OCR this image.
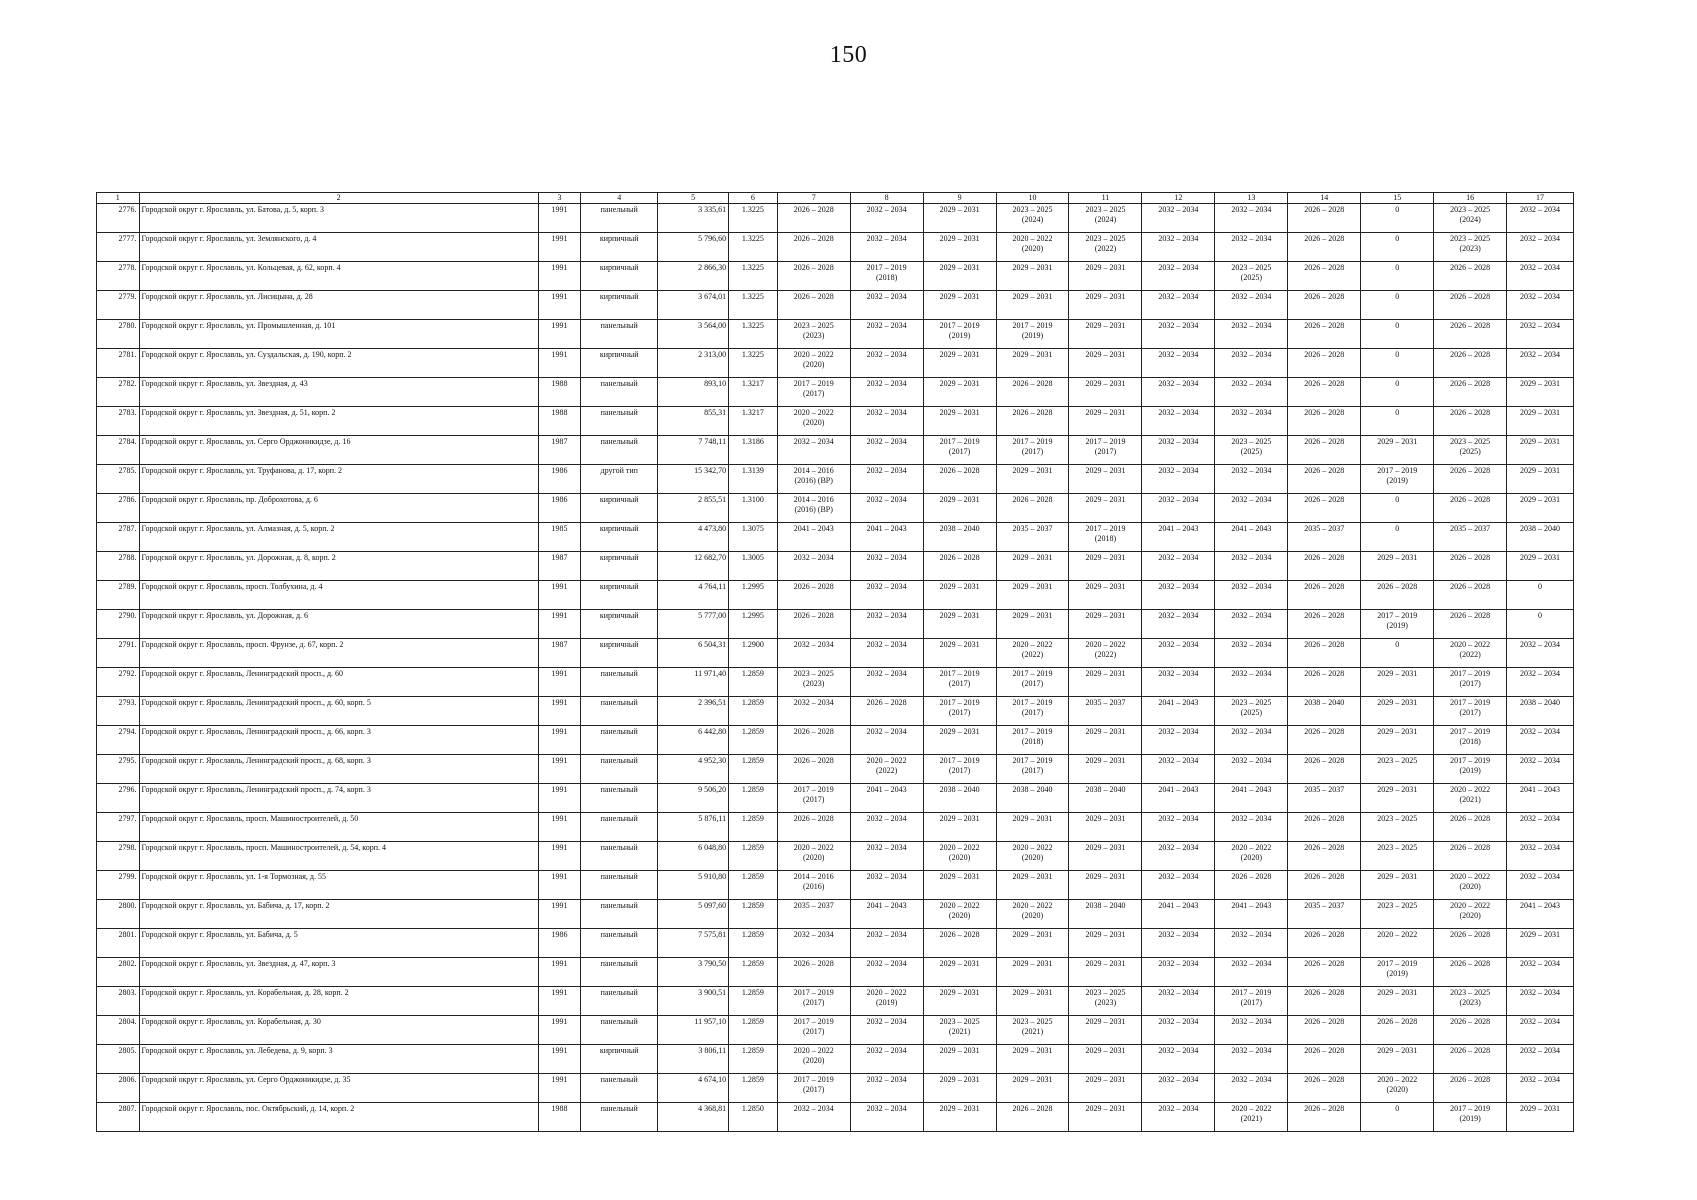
150
1	2	3	4	5	6	7	8	9	10	11	12	13	14	15	16	17

2776.	Городской округ г. Ярославль, ул. Батова, д. 5, корп. 3	1991	панельный	3 335,61	1.3225	2026 – 2028	2032 – 2034	2029 – 2031	2023 – 2025
(2024)	2023 – 2025
(2024)	2032 – 2034	2032 – 2034	2026 – 2028	0	2023 – 2025
(2024)	2032 – 2034

2777.	Городской округ г. Ярославль, ул. Землянского, д. 4	1991	кирпичный	5 796,60	1.3225	2026 – 2028	2032 – 2034	2029 – 2031	2020 – 2022
(2020)	2023 – 2025
(2022)	2032 – 2034	2032 – 2034	2026 – 2028	0	2023 – 2025
(2023)	2032 – 2034

2778.	Городской округ г. Ярославль, ул. Кольцевая, д. 62, корп. 4	1991	кирпичный	2 866,30	1.3225	2026 – 2028	2017 – 2019
(2018)	2029 – 2031	2029 – 2031	2029 – 2031	2032 – 2034	2023 – 2025
(2025)	2026 – 2028	0	2026 – 2028	2032 – 2034

2779.	Городской округ г. Ярославль, ул. Лисицына, д. 28	1991	кирпичный	3 674,01	1.3225	2026 – 2028	2032 – 2034	2029 – 2031	2029 – 2031	2029 – 2031	2032 – 2034	2032 – 2034	2026 – 2028	0	2026 – 2028	2032 – 2034

2780.	Городской округ г. Ярославль, ул. Промышленная, д. 101	1991	панельный	3 564,00	1.3225	2023 – 2025
(2023)	2032 – 2034	2017 – 2019
(2019)	2017 – 2019
(2019)	2029 – 2031	2032 – 2034	2032 – 2034	2026 – 2028	0	2026 – 2028	2032 – 2034

2781.	Городской округ г. Ярославль, ул. Суздальская, д. 190, корп. 2	1991	кирпичный	2 313,00	1.3225	2020 – 2022
(2020)	2032 – 2034	2029 – 2031	2029 – 2031	2029 – 2031	2032 – 2034	2032 – 2034	2026 – 2028	0	2026 – 2028	2032 – 2034

2782.	Городской округ г. Ярославль, ул. Звездная, д. 43	1988	панельный	893,10	1.3217	2017 – 2019
(2017)	2032 – 2034	2029 – 2031	2026 – 2028	2029 – 2031	2032 – 2034	2032 – 2034	2026 – 2028	0	2026 – 2028	2029 – 2031

2783.	Городской округ г. Ярославль, ул. Звездная, д. 51, корп. 2	1988	панельный	855,31	1.3217	2020 – 2022
(2020)	2032 – 2034	2029 – 2031	2026 – 2028	2029 – 2031	2032 – 2034	2032 – 2034	2026 – 2028	0	2026 – 2028	2029 – 2031

2784.	Городской округ г. Ярославль, ул. Серго Орджоникидзе, д. 16	1987	панельный	7 748,11	1.3186	2032 – 2034	2032 – 2034	2017 – 2019
(2017)	2017 – 2019
(2017)	2017 – 2019
(2017)	2032 – 2034	2023 – 2025
(2025)	2026 – 2028	2029 – 2031	2023 – 2025
(2025)	2029 – 2031

2785.	Городской округ г. Ярославль, ул. Труфанова, д. 17, корп. 2	1986	другой тип	15 342,70	1.3139	2014 – 2016
(2016) (ВР)	2032 – 2034	2026 – 2028	2029 – 2031	2029 – 2031	2032 – 2034	2032 – 2034	2026 – 2028	2017 – 2019
(2019)	2026 – 2028	2029 – 2031

2786.	Городской округ г. Ярославль, пр. Доброхотова, д. 6	1986	кирпичный	2 855,51	1.3100	2014 – 2016
(2016) (ВР)	2032 – 2034	2029 – 2031	2026 – 2028	2029 – 2031	2032 – 2034	2032 – 2034	2026 – 2028	0	2026 – 2028	2029 – 2031

2787.	Городской округ г. Ярославль, ул. Алмазная, д. 5, корп. 2	1985	кирпичный	4 473,80	1.3075	2041 – 2043	2041 – 2043	2038 – 2040	2035 – 2037	2017 – 2019
(2018)	2041 – 2043	2041 – 2043	2035 – 2037	0	2035 – 2037	2038 – 2040

2788.	Городской округ г. Ярославль, ул. Дорожная, д. 8, корп. 2	1987	кирпичный	12 682,70	1.3005	2032 – 2034	2032 – 2034	2026 – 2028	2029 – 2031	2029 – 2031	2032 – 2034	2032 – 2034	2026 – 2028	2029 – 2031	2026 – 2028	2029 – 2031

2789.	Городской округ г. Ярославль, просп. Толбухина, д. 4	1991	кирпичный	4 764,11	1.2995	2026 – 2028	2032 – 2034	2029 – 2031	2029 – 2031	2029 – 2031	2032 – 2034	2032 – 2034	2026 – 2028	2026 – 2028	2026 – 2028	0

2790.	Городской округ г. Ярославль, ул. Дорожная, д. 6	1991	кирпичный	5 777,00	1.2995	2026 – 2028	2032 – 2034	2029 – 2031	2029 – 2031	2029 – 2031	2032 – 2034	2032 – 2034	2026 – 2028	2017 – 2019
(2019)	2026 – 2028	0

2791.	Городской округ г. Ярославль, просп. Фрунзе, д. 67, корп. 2	1987	кирпичный	6 504,31	1.2900	2032 – 2034	2032 – 2034	2029 – 2031	2020 – 2022
(2022)	2020 – 2022
(2022)	2032 – 2034	2032 – 2034	2026 – 2028	0	2020 – 2022
(2022)	2032 – 2034

2792.	Городской округ г. Ярославль, Ленинградский просп., д. 60	1991	панельный	11 971,40	1.2859	2023 – 2025
(2023)	2032 – 2034	2017 – 2019
(2017)	2017 – 2019
(2017)	2029 – 2031	2032 – 2034	2032 – 2034	2026 – 2028	2029 – 2031	2017 – 2019
(2017)	2032 – 2034

2793.	Городской округ г. Ярославль, Ленинградский просп., д. 60, корп. 5	1991	панельный	2 396,51	1.2859	2032 – 2034	2026 – 2028	2017 – 2019
(2017)	2017 – 2019
(2017)	2035 – 2037	2041 – 2043	2023 – 2025
(2025)	2038 – 2040	2029 – 2031	2017 – 2019
(2017)	2038 – 2040

2794.	Городской округ г. Ярославль, Ленинградский просп., д. 66, корп. 3	1991	панельный	6 442,80	1.2859	2026 – 2028	2032 – 2034	2029 – 2031	2017 – 2019
(2018)	2029 – 2031	2032 – 2034	2032 – 2034	2026 – 2028	2029 – 2031	2017 – 2019
(2018)	2032 – 2034

2795.	Городской округ г. Ярославль, Ленинградский просп., д. 68, корп. 3	1991	панельный	4 952,30	1.2859	2026 – 2028	2020 – 2022
(2022)	2017 – 2019
(2017)	2017 – 2019
(2017)	2029 – 2031	2032 – 2034	2032 – 2034	2026 – 2028	2023 – 2025	2017 – 2019
(2019)	2032 – 2034

2796.	Городской округ г. Ярославль, Ленинградский просп., д. 74, корп. 3	1991	панельный	9 506,20	1.2859	2017 – 2019
(2017)	2041 – 2043	2038 – 2040	2038 – 2040	2038 – 2040	2041 – 2043	2041 – 2043	2035 – 2037	2029 – 2031	2020 – 2022
(2021)	2041 – 2043

2797.	Городской округ г. Ярославль, просп. Машиностроителей, д. 50	1991	панельный	5 876,11	1.2859	2026 – 2028	2032 – 2034	2029 – 2031	2029 – 2031	2029 – 2031	2032 – 2034	2032 – 2034	2026 – 2028	2023 – 2025	2026 – 2028	2032 – 2034

2798.	Городской округ г. Ярославль, просп. Машиностроителей, д. 54, корп. 4	1991	панельный	6 048,80	1.2859	2020 – 2022
(2020)	2032 – 2034	2020 – 2022
(2020)	2020 – 2022
(2020)	2029 – 2031	2032 – 2034	2020 – 2022
(2020)	2026 – 2028	2023 – 2025	2026 – 2028	2032 – 2034

2799.	Городской округ г. Ярославль, ул. 1-я Тормозная, д. 55	1991	панельный	5 910,80	1.2859	2014 – 2016
(2016)	2032 – 2034	2029 – 2031	2029 – 2031	2029 – 2031	2032 – 2034	2026 – 2028	2026 – 2028	2029 – 2031	2020 – 2022
(2020)	2032 – 2034

2800.	Городской округ г. Ярославль, ул. Бабича, д. 17, корп. 2	1991	панельный	5 097,60	1.2859	2035 – 2037	2041 – 2043	2020 – 2022
(2020)	2020 – 2022
(2020)	2038 – 2040	2041 – 2043	2041 – 2043	2035 – 2037	2023 – 2025	2020 – 2022
(2020)	2041 – 2043

2801.	Городской округ г. Ярославль, ул. Бабича, д. 5	1986	панельный	7 575,81	1.2859	2032 – 2034	2032 – 2034	2026 – 2028	2029 – 2031	2029 – 2031	2032 – 2034	2032 – 2034	2026 – 2028	2020 – 2022	2026 – 2028	2029 – 2031

2802.	Городской округ г. Ярославль, ул. Звездная, д. 47, корп. 3	1991	панельный	3 790,50	1.2859	2026 – 2028	2032 – 2034	2029 – 2031	2029 – 2031	2029 – 2031	2032 – 2034	2032 – 2034	2026 – 2028	2017 – 2019
(2019)	2026 – 2028	2032 – 2034

2803.	Городской округ г. Ярославль, ул. Корабельная, д. 28, корп. 2	1991	панельный	3 900,51	1.2859	2017 – 2019
(2017)	2020 – 2022
(2019)	2029 – 2031	2029 – 2031	2023 – 2025
(2023)	2032 – 2034	2017 – 2019
(2017)	2026 – 2028	2029 – 2031	2023 – 2025
(2023)	2032 – 2034

2804.	Городской округ г. Ярославль, ул. Корабельная, д. 30	1991	панельный	11 957,10	1.2859	2017 – 2019
(2017)	2032 – 2034	2023 – 2025
(2021)	2023 – 2025
(2021)	2029 – 2031	2032 – 2034	2032 – 2034	2026 – 2028	2026 – 2028	2026 – 2028	2032 – 2034

2805.	Городской округ г. Ярославль, ул. Лебедева, д. 9, корп. 3	1991	кирпичный	3 806,11	1.2859	2020 – 2022
(2020)	2032 – 2034	2029 – 2031	2029 – 2031	2029 – 2031	2032 – 2034	2032 – 2034	2026 – 2028	2029 – 2031	2026 – 2028	2032 – 2034

2806.	Городской округ г. Ярославль, ул. Серго Орджоникидзе, д. 35	1991	панельный	4 674,10	1.2859	2017 – 2019
(2017)	2032 – 2034	2029 – 2031	2029 – 2031	2029 – 2031	2032 – 2034	2032 – 2034	2026 – 2028	2020 – 2022
(2020)	2026 – 2028	2032 – 2034

2807.	Городской округ г. Ярославль, пос. Октябрьский, д. 14, корп. 2	1988	панельный	4 368,81	1.2850	2032 – 2034	2032 – 2034	2029 – 2031	2026 – 2028	2029 – 2031	2032 – 2034	2020 – 2022
(2021)	2026 – 2028	0	2017 – 2019
(2019)	2029 – 2031
